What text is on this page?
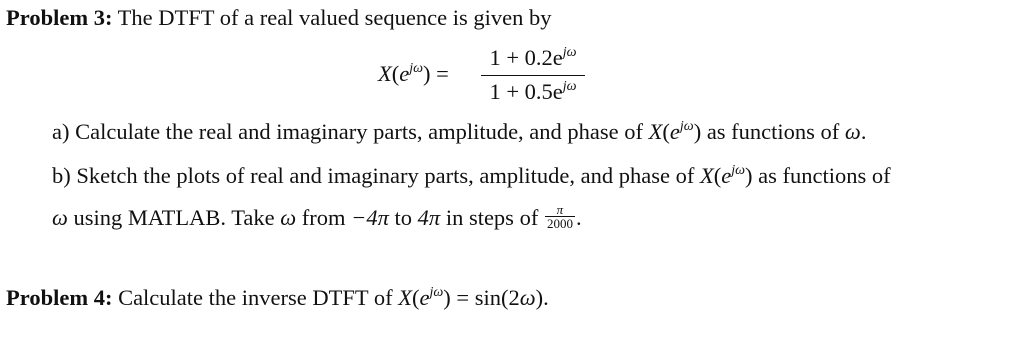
Problem 3: The DTFT of a real valued sequence is given by
$X(e^{j\omega})$ =
$1 + 0.2e^{j\omega}$
$1 + 0.5e^{j\omega}$
a) Calculate the real and imaginary parts, amplitude, and phase of $X(e^{j\omega})$ as functions of ω.
b) Sketch the plots of real and imaginary parts, amplitude, and phase of $X(e^{j\omega})$ as functions of
ω using MATLAB. Take ω from −4π to 4π in steps of $\frac{\pi}{2000}$ .
Problem 4: Calculate the inverse DTFT of $X(e^{j\omega}) = \sin(2\omega)$.
